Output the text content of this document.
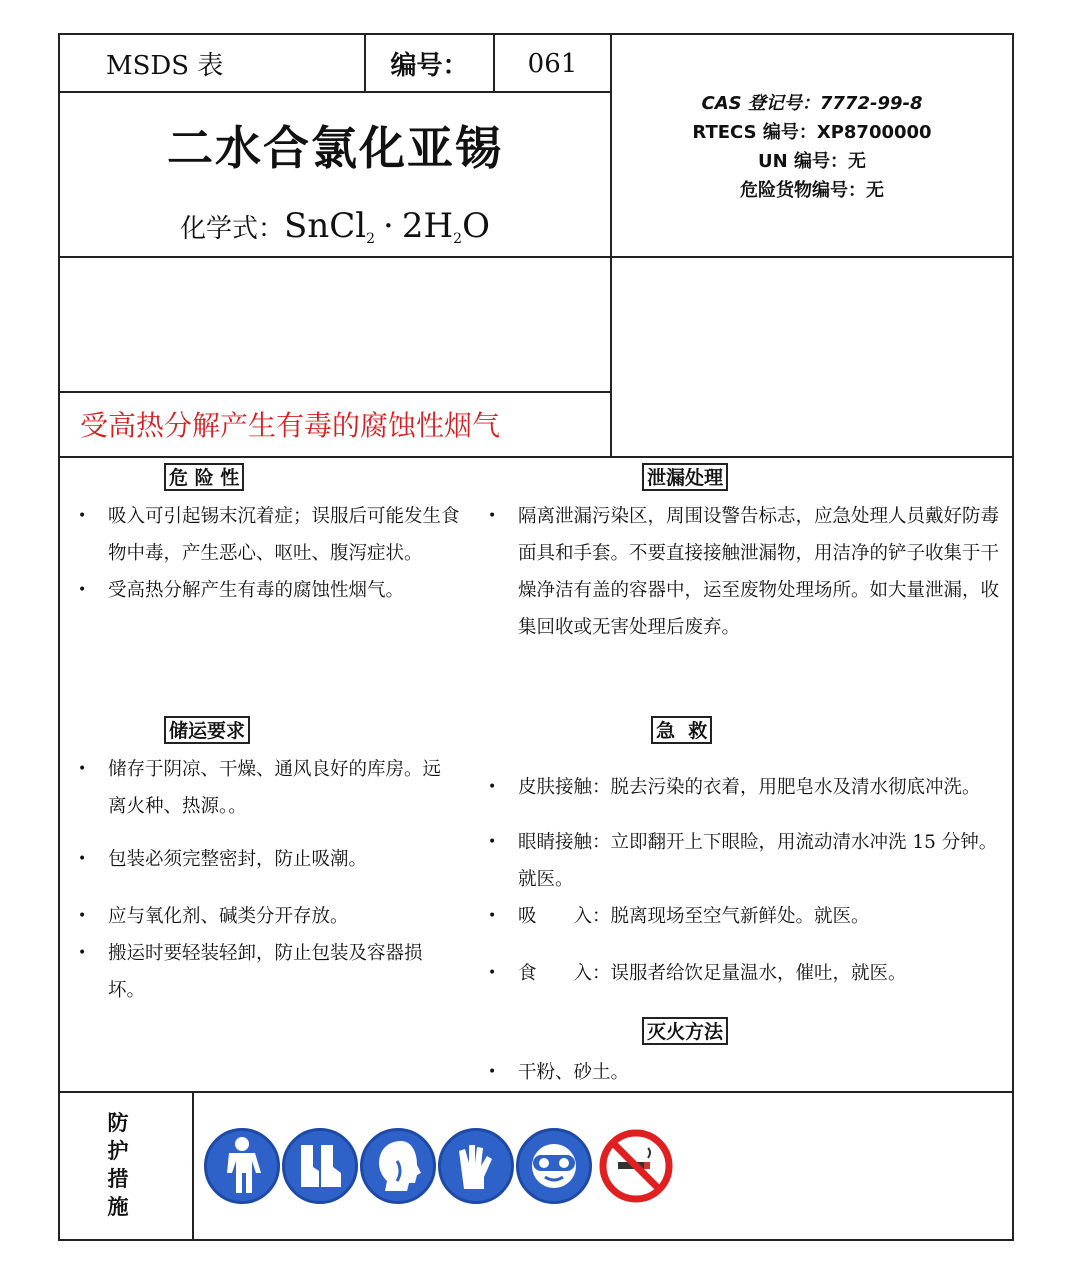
MSDS 表	编号：	061
二水合氯化亚锡
化学式：SnCl$_2$ · $2H_2O$
CAS 登记号：7772-99-8
RTECS 编号：XP8700000
UN 编号：无
危险货物编号：无
受高热分解产生有毒的腐蚀性烟气
危 险 性
• 吸入可引起锡末沉着症；误服后可能发生食物中毒，产生恶心、呕吐、腹泻症状。
• 受高热分解产生有毒的腐蚀性烟气。
泄漏处理
• 隔离泄漏污染区，周围设警告标志，应急处理人员戴好防毒面具和手套。不要直接接触泄漏物，用洁净的铲子收集于干燥净洁有盖的容器中，运至废物处理场所。如大量泄漏，收集回收或无害处理后废弃。
储运要求
• 储存于阴凉、干燥、通风良好的库房。远离火种、热源。。
• 包装必须完整密封，防止吸潮。
• 应与氧化剂、碱类分开存放。
• 搬运时要轻装轻卸，防止包装及容器损坏。
急  救
• 皮肤接触：脱去污染的衣着，用肥皂水及清水彻底冲洗。
• 眼睛接触：立即翻开上下眼睑，用流动清水冲洗 15 分钟。就医。
• 吸　　入：脱离现场至空气新鲜处。就医。
• 食　　入：误服者给饮足量温水，催吐，就医。
灭火方法
• 干粉、砂土。
防护措施
